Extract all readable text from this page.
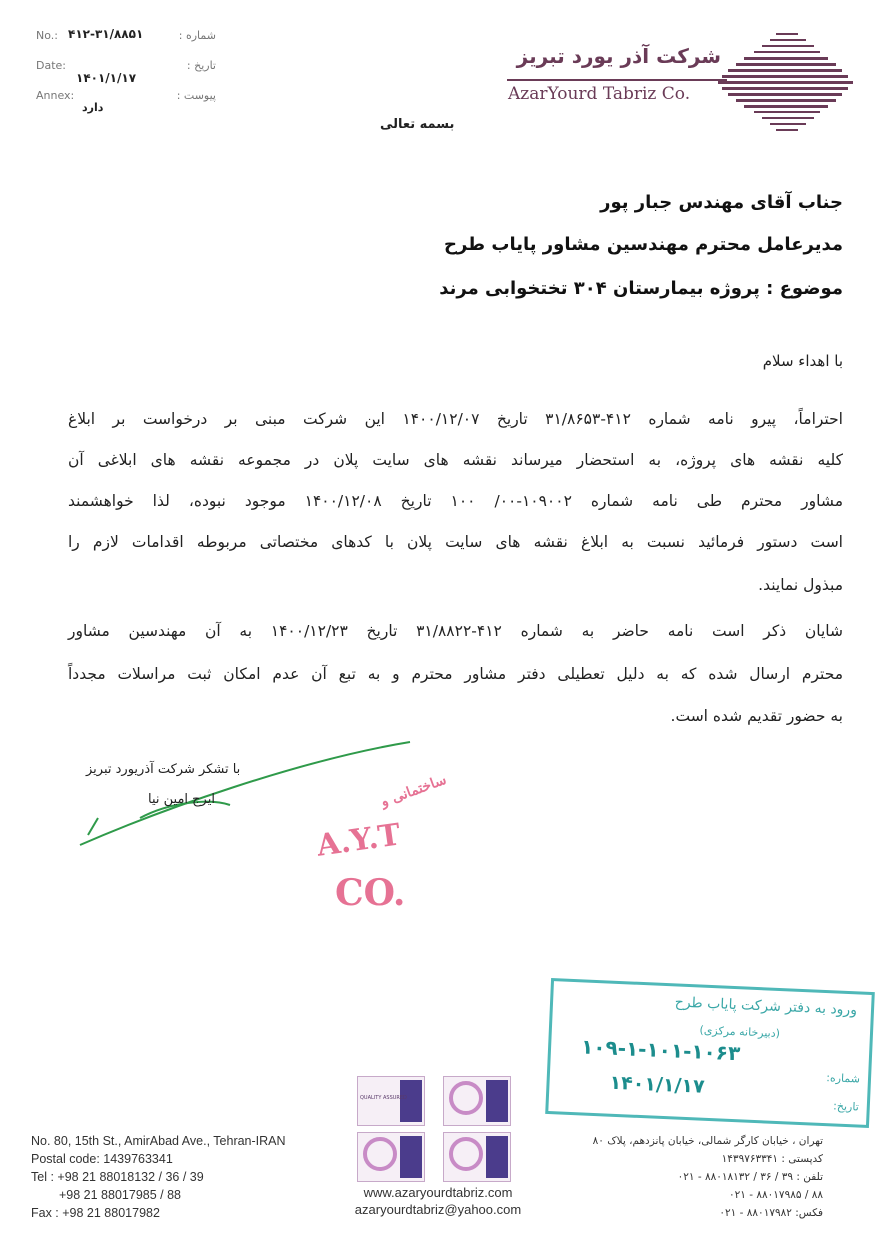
No.: ۴۱۲-۳۱/۸۸۵۱	شماره :
Date:
۱۴۰۱/۱/۱۷
تاریخ :
Annex:
دارد
پیوست :
شرکت آذر یورد تبریز
AzarYourd Tabriz Co.
بسمه تعالی
جناب آقای مهندس جبار پور
مدیرعامل محترم مهندسین مشاور پایاب طرح
موضوع : پروژه بیمارستان ۳۰۴ تختخوابی مرند
با اهداء سلام
احتراماً، پیرو نامه شماره ۴۱۲-۳۱/۸۶۵۳ تاریخ ۱۴۰۰/۱۲/۰۷ این شرکت مبنی بر درخواست بر ابلاغ
کلیه نقشه های پروژه، به استحضار میرساند نقشه های سایت پلان در مجموعه نقشه های ابلاغی آن
مشاور محترم طی نامه شماره ۱۰۹۰۰۲-۰۰/ ۱۰۰ تاریخ ۱۴۰۰/۱۲/۰۸ موجود نبوده، لذا خواهشمند
است دستور فرمائید نسبت به ابلاغ نقشه های سایت پلان با کدهای مختصاتی مربوطه اقدامات لازم را
مبذول نمایند.
شایان ذکر است نامه حاضر به شماره ۴۱۲-۳۱/۸۸۲۲ تاریخ ۱۴۰۰/۱۲/۲۳ به آن مهندسین مشاور
محترم ارسال شده که به دلیل تعطیلی دفتر مشاور محترم و به تبع آن عدم امکان ثبت مراسلات مجدداً
به حضور تقدیم شده است.
A.Y.T
CO.
ساختمانی و
با تشکر شرکت آذریورد تبریز
ایرج امین نیا
ورود به دفتر شرکت پایاب طرح
(دبیرخانه مرکزی)
۱۰۹-۱-۱۰۱-۱۰۶۳
شماره:
۱۴۰۱/۱/۱۷
تاریخ:
No. 80, 15th St., AmirAbad Ave., Tehran-IRAN
Postal code: 1439763341
Tel : +98 21 88018132 / 36 / 39
+98 21 88017985 / 88
Fax : +98 21 88017982
QUALITY ASSURED
www.azaryourdtabriz.com
azaryourdtabriz@yahoo.com
تهران ، خیابان کارگر شمالی، خیابان پانزدهم، پلاک ۸۰
کدپستی : ۱۴۳۹۷۶۳۳۴۱
تلفن : ۳۹ / ۳۶ / ۸۸۰۱۸۱۳۲ - ۰۲۱
۸۸ / ۸۸۰۱۷۹۸۵ - ۰۲۱
فکس: ۸۸۰۱۷۹۸۲ - ۰۲۱
